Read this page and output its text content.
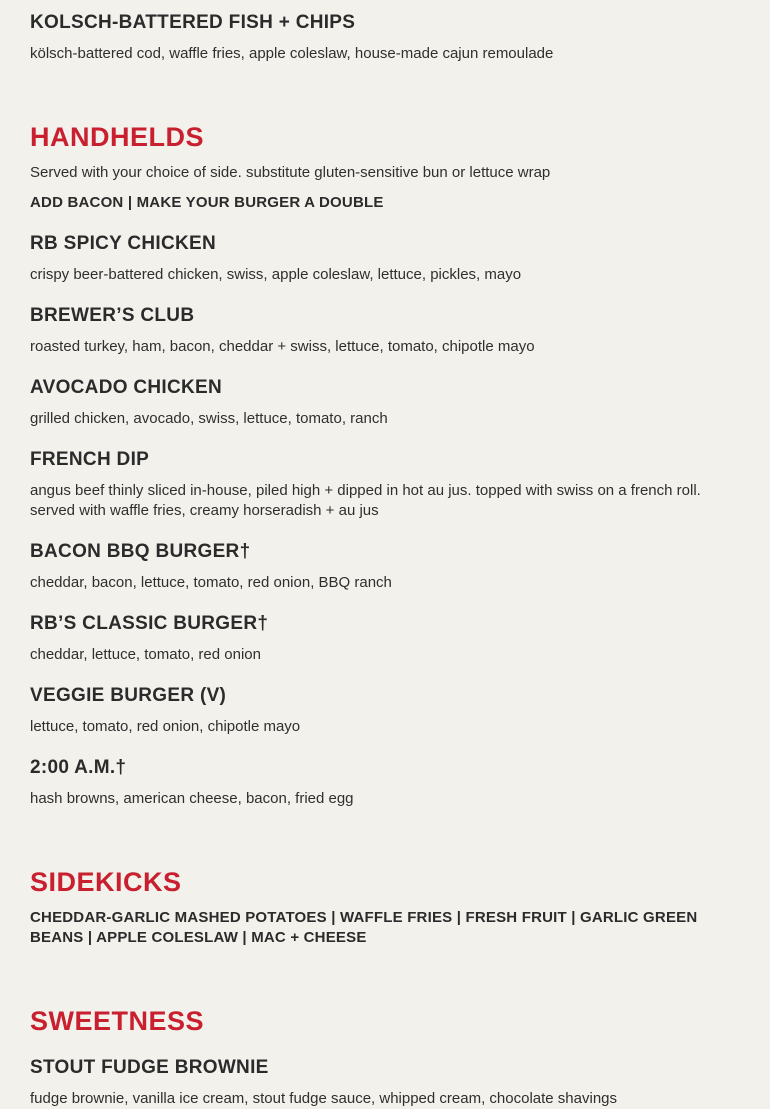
KOLSCH-BATTERED FISH + CHIPS
kölsch-battered cod, waffle fries, apple coleslaw, house-made cajun remoulade
HANDHELDS
Served with your choice of side. substitute gluten-sensitive bun or lettuce wrap
ADD BACON | MAKE YOUR BURGER A DOUBLE
RB SPICY CHICKEN
crispy beer-battered chicken, swiss, apple coleslaw, lettuce, pickles, mayo
BREWER’S CLUB
roasted turkey, ham, bacon, cheddar + swiss, lettuce, tomato, chipotle mayo
AVOCADO CHICKEN
grilled chicken, avocado, swiss, lettuce, tomato, ranch
FRENCH DIP
angus beef thinly sliced in-house, piled high + dipped in hot au jus. topped with swiss on a french roll. served with waffle fries, creamy horseradish + au jus
BACON BBQ BURGER†
cheddar, bacon, lettuce, tomato, red onion, BBQ ranch
RB’S CLASSIC BURGER†
cheddar, lettuce, tomato, red onion
VEGGIE BURGER (V)
lettuce, tomato, red onion, chipotle mayo
2:00 A.M.†
hash browns, american cheese, bacon, fried egg
SIDEKICKS
CHEDDAR-GARLIC MASHED POTATOES | WAFFLE FRIES | FRESH FRUIT | GARLIC GREEN BEANS | APPLE COLESLAW | MAC + CHEESE
SWEETNESS
STOUT FUDGE BROWNIE
fudge brownie, vanilla ice cream, stout fudge sauce, whipped cream, chocolate shavings
